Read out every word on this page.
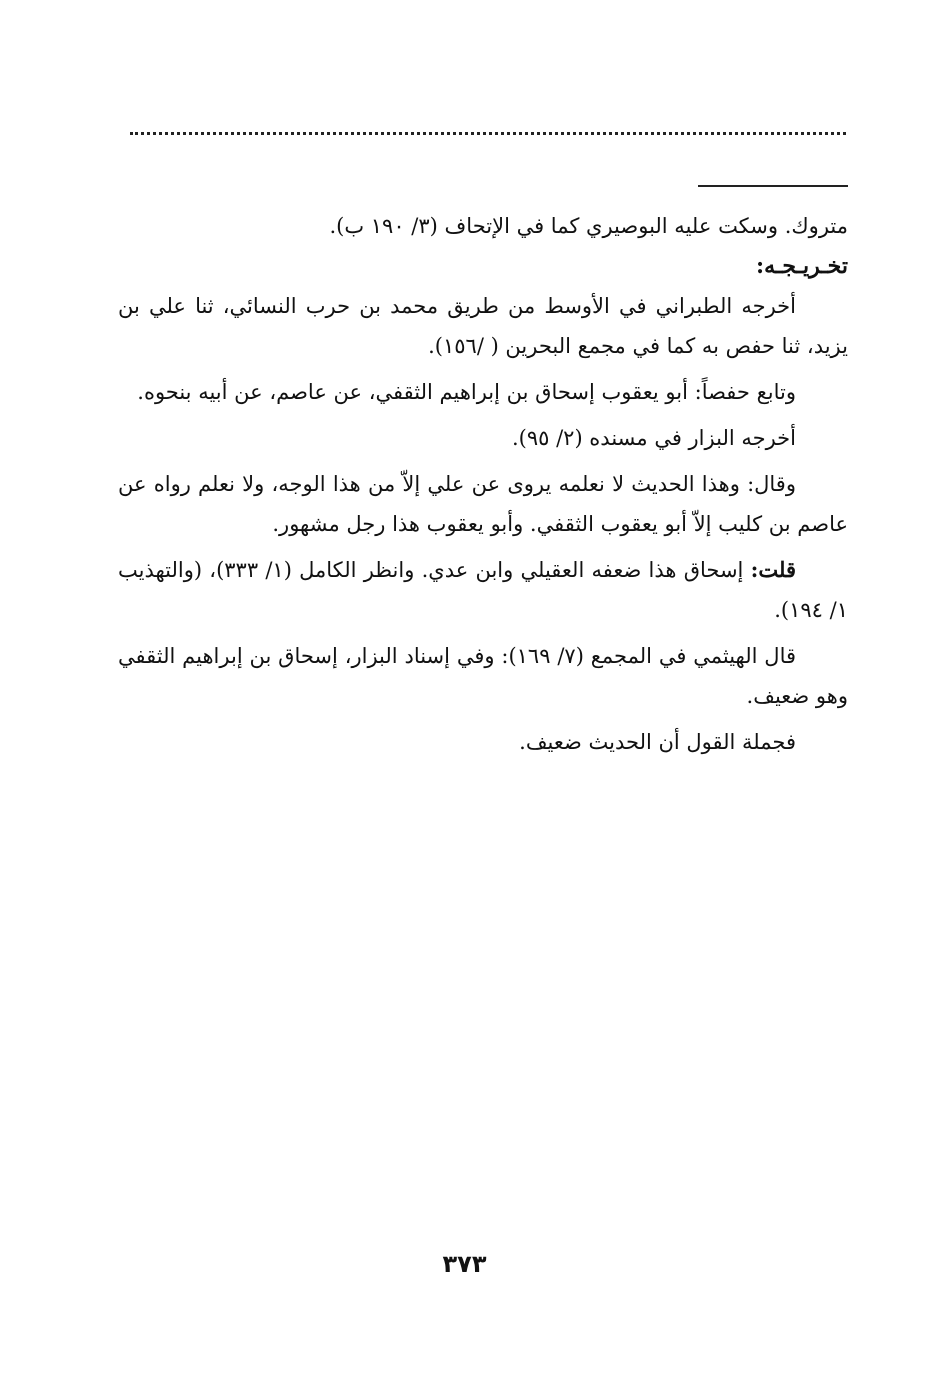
متروك. وسكت عليه البوصيري كما في الإتحاف (٣/ ١٩٠ ب).

تخـريـجـه:

أخرجه الطبراني في الأوسط من طريق محمد بن حرب النسائي، ثنا علي بن يزيد، ثنا حفص به كما في مجمع البحرين ( /١٥٦).

وتابع حفصاً: أبو يعقوب إسحاق بن إبراهيم الثقفي، عن عاصم، عن أبيه بنحوه.

أخرجه البزار في مسنده (٢/ ٩٥).

وقال: وهذا الحديث لا نعلمه يروى عن علي إلاّ من هذا الوجه، ولا نعلم رواه عن عاصم بن كليب إلاّ أبو يعقوب الثقفي. وأبو يعقوب هذا رجل مشهور.

قلت: إسحاق هذا ضعفه العقيلي وابن عدي. وانظر الكامل (١/ ٣٣٣)، (والتهذيب ١/ ١٩٤).

قال الهيثمي في المجمع (٧/ ١٦٩): وفي إسناد البزار، إسحاق بن إبراهيم الثقفي وهو ضعيف.

فجملة القول أن الحديث ضعيف.

٣٧٣
